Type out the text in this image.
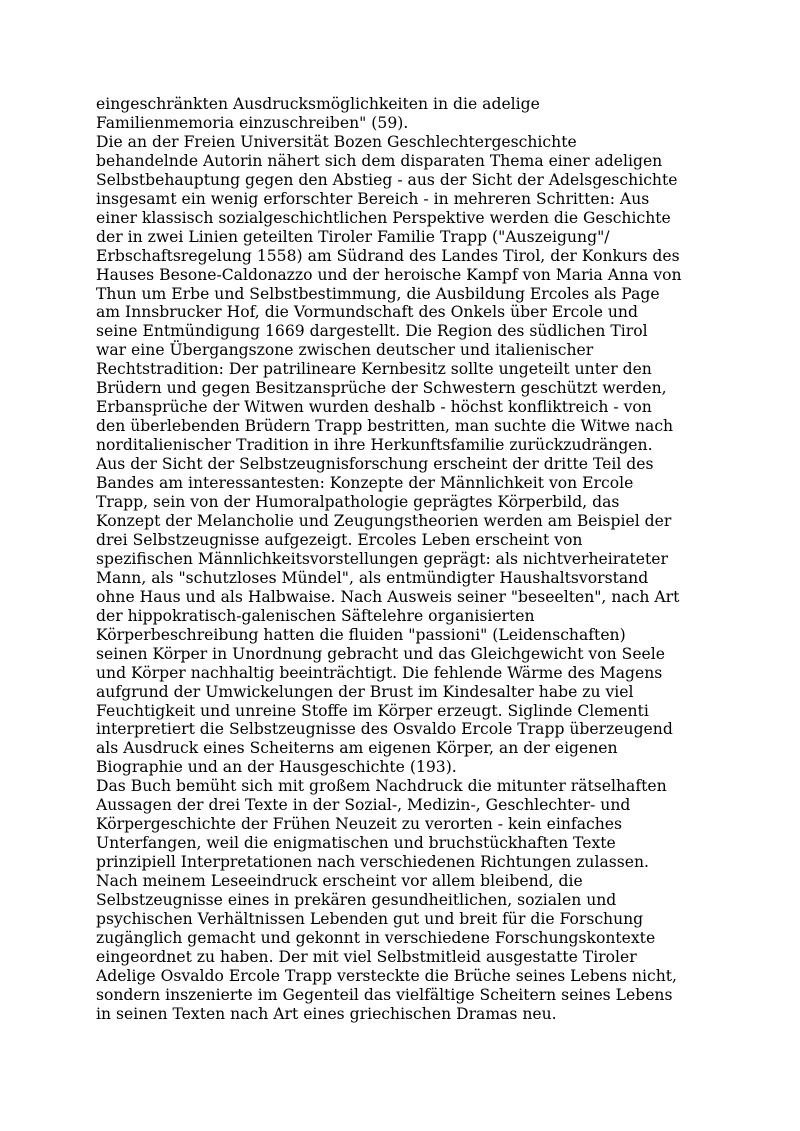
eingeschränkten Ausdrucksmöglichkeiten in die adelige
Familienmemoria einzuschreiben" (59).
Die an der Freien Universität Bozen Geschlechtergeschichte
behandelnde Autorin nähert sich dem disparaten Thema einer adeligen
Selbstbehauptung gegen den Abstieg - aus der Sicht der Adelsgeschichte
insgesamt ein wenig erforschter Bereich - in mehreren Schritten: Aus
einer klassisch sozialgeschichtlichen Perspektive werden die Geschichte
der in zwei Linien geteilten Tiroler Familie Trapp ("Auszeigung"/
Erbschaftsregelung 1558) am Südrand des Landes Tirol, der Konkurs des
Hauses Besone-Caldonazzo und der heroische Kampf von Maria Anna von
Thun um Erbe und Selbstbestimmung, die Ausbildung Ercoles als Page
am Innsbrucker Hof, die Vormundschaft des Onkels über Ercole und
seine Entmündigung 1669 dargestellt. Die Region des südlichen Tirol
war eine Übergangszone zwischen deutscher und italienischer
Rechtstradition: Der patrilineare Kernbesitz sollte ungeteilt unter den
Brüdern und gegen Besitzansprüche der Schwestern geschützt werden,
Erbansprüche der Witwen wurden deshalb - höchst konfliktreich - von
den überlebenden Brüdern Trapp bestritten, man suchte die Witwe nach
norditalienischer Tradition in ihre Herkunftsfamilie zurückzudrängen.
Aus der Sicht der Selbstzeugnisforschung erscheint der dritte Teil des
Bandes am interessantesten: Konzepte der Männlichkeit von Ercole
Trapp, sein von der Humoralpathologie geprägtes Körperbild, das
Konzept der Melancholie und Zeugungstheorien werden am Beispiel der
drei Selbstzeugnisse aufgezeigt. Ercoles Leben erscheint von
spezifischen Männlichkeitsvorstellungen geprägt: als nichtverheirateter
Mann, als "schutzloses Mündel", als entmündigter Haushaltsvorstand
ohne Haus und als Halbwaise. Nach Ausweis seiner "beseelten", nach Art
der hippokratisch-galenischen Säftelehre organisierten
Körperbeschreibung hatten die fluiden "passioni" (Leidenschaften)
seinen Körper in Unordnung gebracht und das Gleichgewicht von Seele
und Körper nachhaltig beeinträchtigt. Die fehlende Wärme des Magens
aufgrund der Umwickelungen der Brust im Kindesalter habe zu viel
Feuchtigkeit und unreine Stoffe im Körper erzeugt. Siglinde Clementi
interpretiert die Selbstzeugnisse des Osvaldo Ercole Trapp überzeugend
als Ausdruck eines Scheiterns am eigenen Körper, an der eigenen
Biographie und an der Hausgeschichte (193).
Das Buch bemüht sich mit großem Nachdruck die mitunter rätselhaften
Aussagen der drei Texte in der Sozial-, Medizin-, Geschlechter- und
Körpergeschichte der Frühen Neuzeit zu verorten - kein einfaches
Unterfangen, weil die enigmatischen und bruchstückhaften Texte
prinzipiell Interpretationen nach verschiedenen Richtungen zulassen.
Nach meinem Leseeindruck erscheint vor allem bleibend, die
Selbstzeugnisse eines in prekären gesundheitlichen, sozialen und
psychischen Verhältnissen Lebenden gut und breit für die Forschung
zugänglich gemacht und gekonnt in verschiedene Forschungskontexte
eingeordnet zu haben. Der mit viel Selbstmitleid ausgestatte Tiroler
Adelige Osvaldo Ercole Trapp versteckte die Brüche seines Lebens nicht,
sondern inszenierte im Gegenteil das vielfältige Scheitern seines Lebens
in seinen Texten nach Art eines griechischen Dramas neu.
